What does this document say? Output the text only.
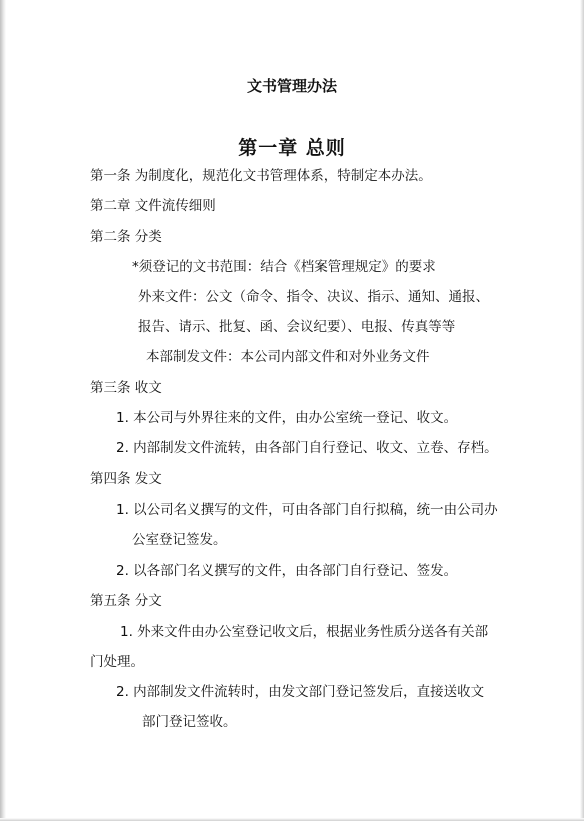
文书管理办法
第一章 总则
第一条 为制度化，规范化文书管理体系，特制定本办法。
第二章 文件流传细则
第二条 分类
*须登记的文书范围：结合《档案管理规定》的要求
外来文件：公文（命令、指令、决议、指示、通知、通报、
报告、请示、批复、函、会议纪要）、电报、传真等等
本部制发文件：本公司内部文件和对外业务文件
第三条 收文
1. 本公司与外界往来的文件，由办公室统一登记、收文。
2. 内部制发文件流转，由各部门自行登记、收文、立卷、存档。
第四条 发文
1. 以公司名义撰写的文件，可由各部门自行拟稿，统一由公司办
公室登记签发。
2. 以各部门名义撰写的文件，由各部门自行登记、签发。
第五条 分文
1. 外来文件由办公室登记收文后，根据业务性质分送各有关部
门处理。
2. 内部制发文件流转时，由发文部门登记签发后，直接送收文
部门登记签收。
